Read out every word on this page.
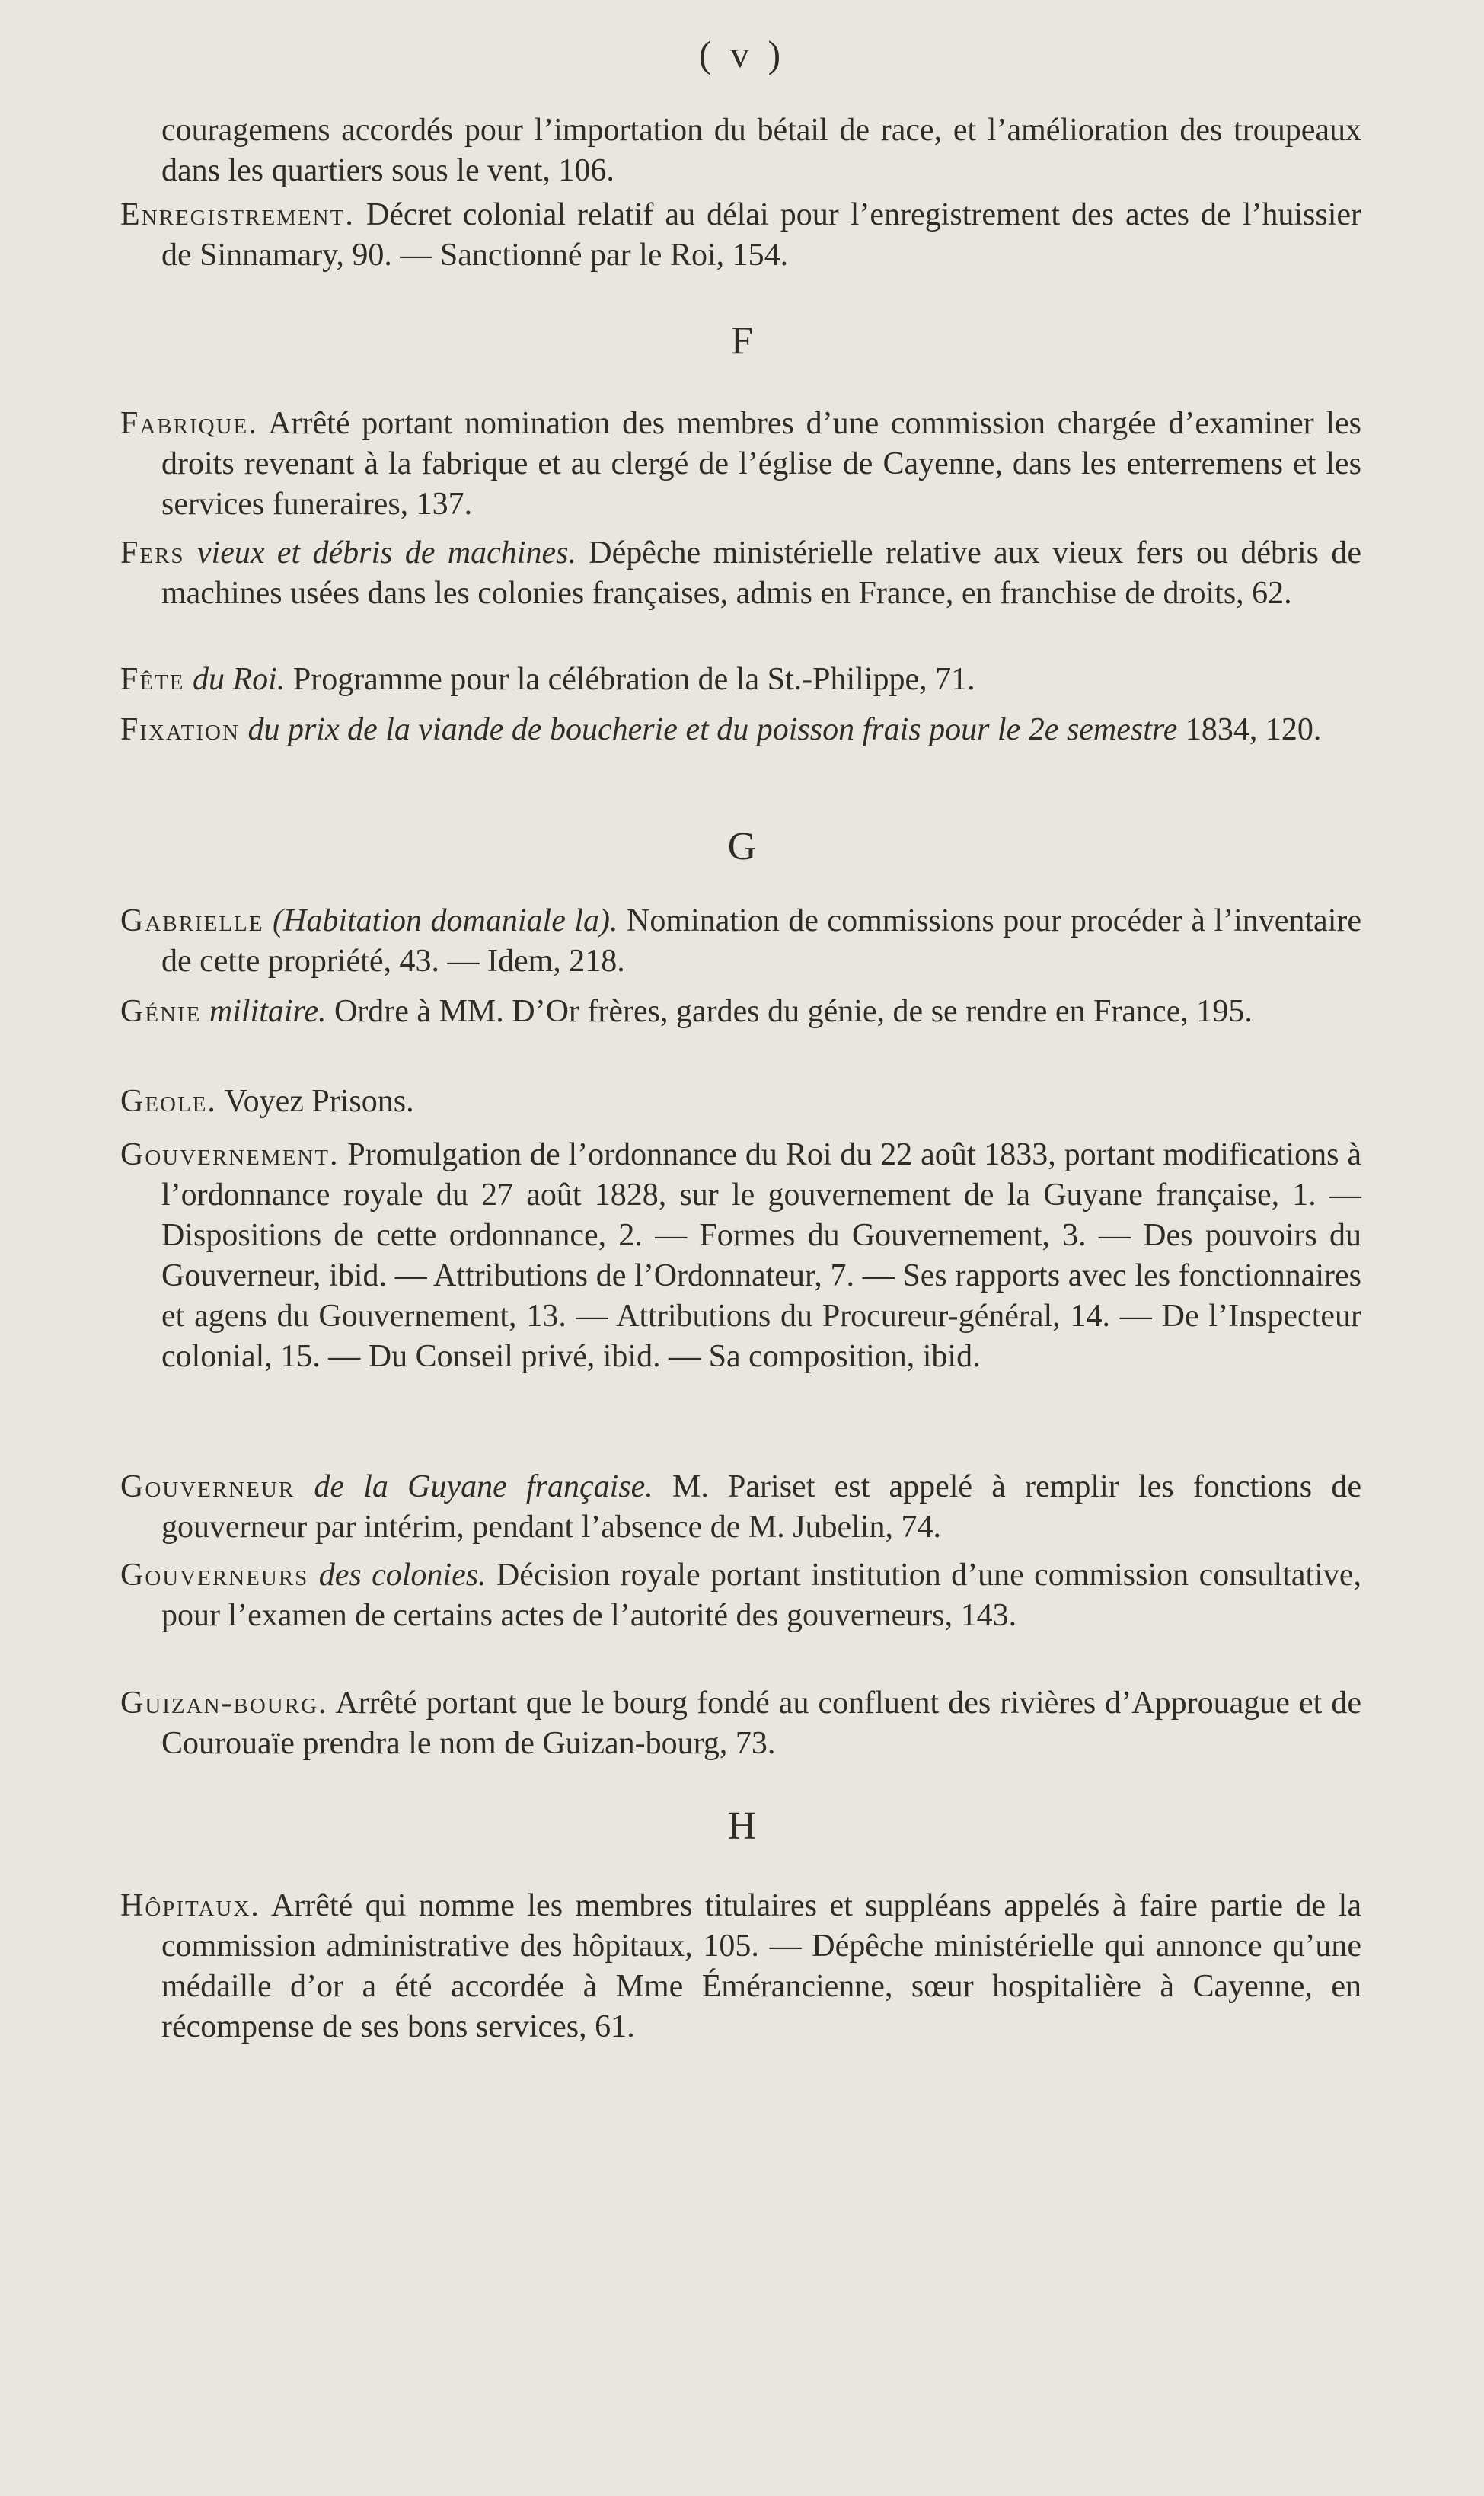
( v )
couragemens accordés pour l’importation du bétail de race, et l’amélioration des troupeaux dans les quartiers sous le vent, 106.
Enregistrement. Décret colonial relatif au délai pour l’enregistrement des actes de l’huissier de Sinnamary, 90. — Sanctionné par le Roi, 154.
F
Fabrique. Arrêté portant nomination des membres d’une commission chargée d’examiner les droits revenant à la fabrique et au clergé de l’église de Cayenne, dans les enterremens et les services funeraires, 137.
Fers vieux et débris de machines. Dépêche ministérielle relative aux vieux fers ou débris de machines usées dans les colonies françaises, admis en France, en franchise de droits, 62.
Fête du Roi. Programme pour la célébration de la St.-Philippe, 71.
Fixation du prix de la viande de boucherie et du poisson frais pour le 2e semestre 1834, 120.
G
Gabrielle (Habitation domaniale la). Nomination de commissions pour procéder à l’inventaire de cette propriété, 43. — Idem, 218.
Génie militaire. Ordre à MM. D’Or frères, gardes du génie, de se rendre en France, 195.
Geole. Voyez Prisons.
Gouvernement. Promulgation de l’ordonnance du Roi du 22 août 1833, portant modifications à l’ordonnance royale du 27 août 1828, sur le gouvernement de la Guyane française, 1. — Dispositions de cette ordonnance, 2. — Formes du Gouvernement, 3. — Des pouvoirs du Gouverneur, ibid. — Attributions de l’Ordonnateur, 7. — Ses rapports avec les fonctionnaires et agens du Gouvernement, 13. — Attributions du Procureur-général, 14. — De l’Inspecteur colonial, 15. — Du Conseil privé, ibid. — Sa composition, ibid.
Gouverneur de la Guyane française. M. Pariset est appelé à remplir les fonctions de gouverneur par intérim, pendant l’absence de M. Jubelin, 74.
Gouverneurs des colonies. Décision royale portant institution d’une commission consultative, pour l’examen de certains actes de l’autorité des gouverneurs, 143.
Guizan-bourg. Arrêté portant que le bourg fondé au confluent des rivières d’Approuague et de Courouaïe prendra le nom de Guizan-bourg, 73.
H
Hôpitaux. Arrêté qui nomme les membres titulaires et suppléans appelés à faire partie de la commission administrative des hôpitaux, 105. — Dépêche ministérielle qui annonce qu’une médaille d’or a été accordée à Mme Émérancienne, sœur hospitalière à Cayenne, en récompense de ses bons services, 61.
